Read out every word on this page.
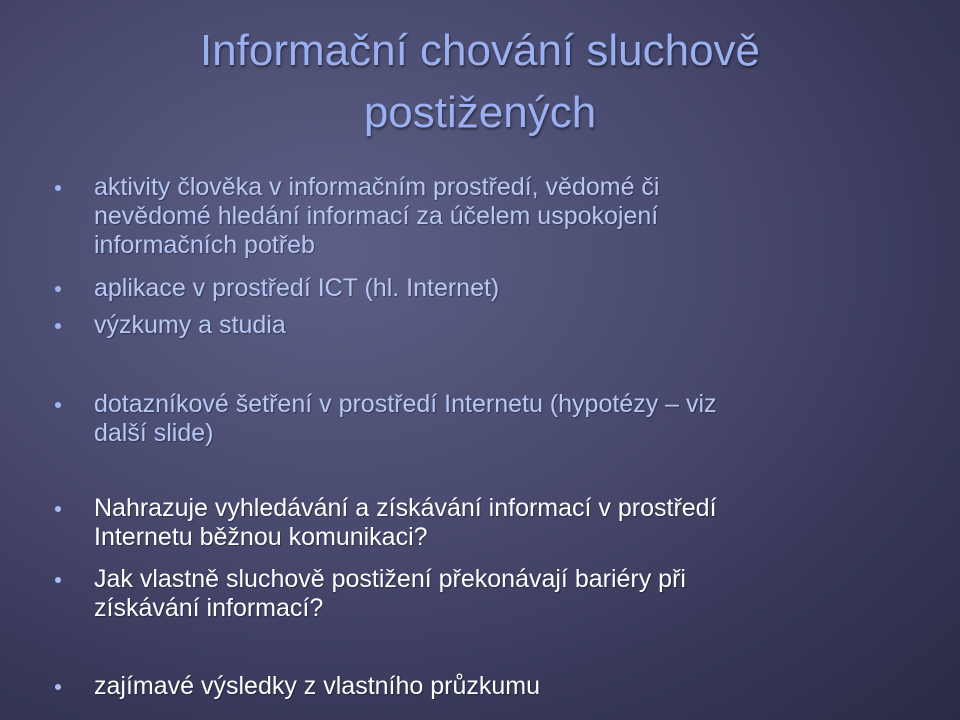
Informační chování sluchově
postižených
aktivity člověka v informačním prostředí, vědomé či
nevědomé hledání informací za účelem uspokojení
informačních potřeb
aplikace v prostředí ICT (hl. Internet)
výzkumy a studia
dotazníkové šetření v prostředí Internetu (hypotézy – viz
další slide)
Nahrazuje vyhledávání a získávání informací v prostředí
Internetu běžnou komunikaci?
Jak vlastně sluchově postižení překonávají bariéry při
získávání informací?
zajímavé výsledky z vlastního průzkumu
